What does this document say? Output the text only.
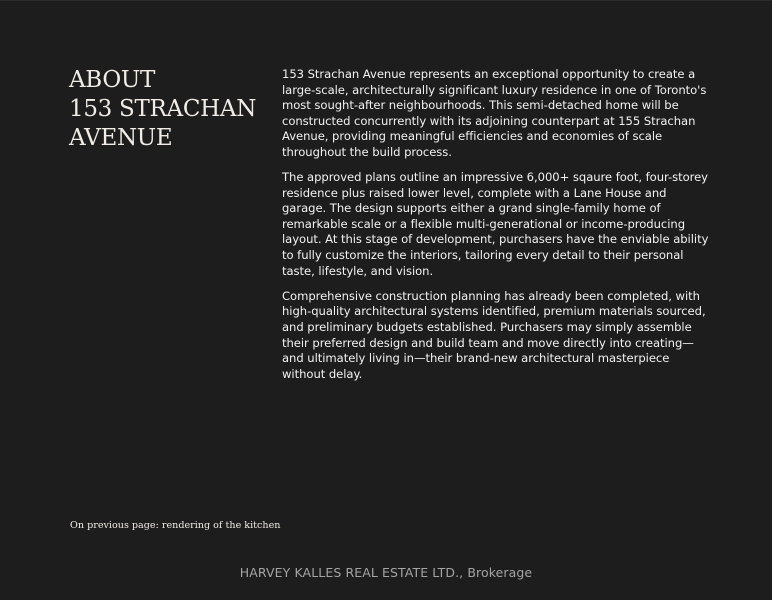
ABOUT
153 STRACHAN
AVENUE

153 Strachan Avenue represents an exceptional opportunity to create a large-scale, architecturally significant luxury residence in one of Toronto's most sought-after neighbourhoods. This semi-detached home will be constructed concurrently with its adjoining counterpart at 155 Strachan Avenue, providing meaningful efficiencies and economies of scale throughout the build process.

The approved plans outline an impressive 6,000+ sqaure foot, four-storey residence plus raised lower level, complete with a Lane House and garage. The design supports either a grand single-family home of remarkable scale or a flexible multi-generational or income-producing layout. At this stage of development, purchasers have the enviable ability to fully customize the interiors, tailoring every detail to their personal taste, lifestyle, and vision.

Comprehensive construction planning has already been completed, with high-quality architectural systems identified, premium materials sourced, and preliminary budgets established. Purchasers may simply assemble their preferred design and build team and move directly into creating—and ultimately living in—their brand-new architectural masterpiece without delay.

On previous page: rendering of the kitchen
HARVEY KALLES REAL ESTATE LTD., Brokerage
